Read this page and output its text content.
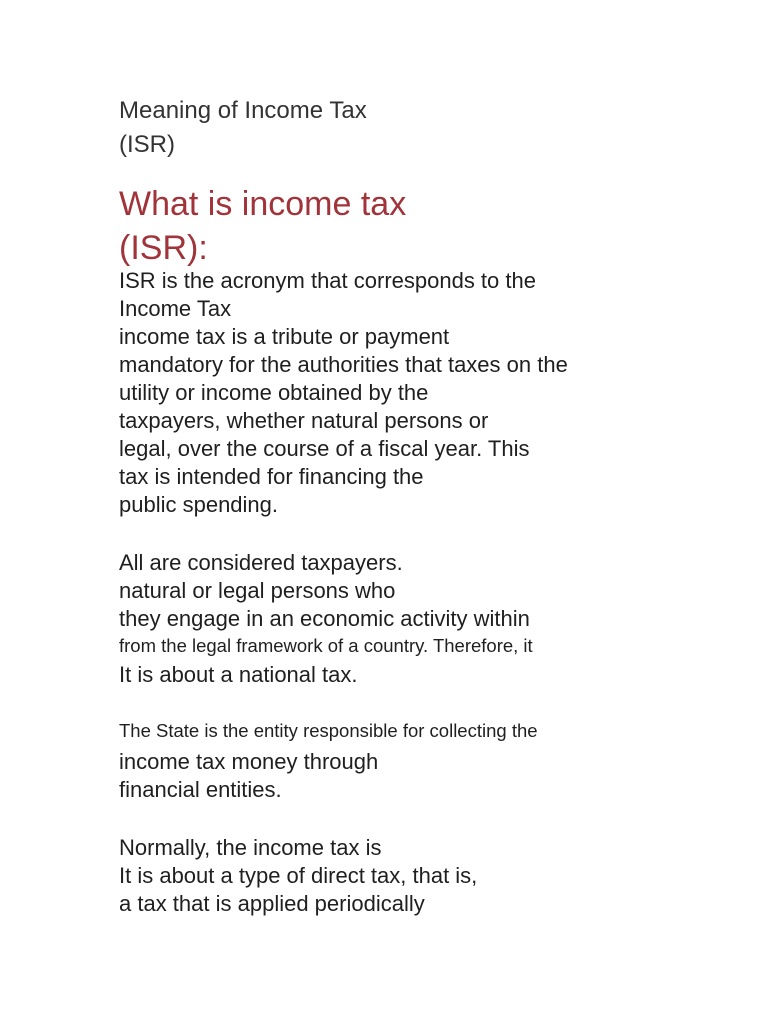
Meaning of Income Tax
(ISR)
What is income tax
(ISR):
ISR is the acronym that corresponds to the
Income Tax
income tax is a tribute or payment
mandatory for the authorities that taxes on the
utility or income obtained by the
taxpayers, whether natural persons or
legal, over the course of a fiscal year. This
tax is intended for financing the
public spending.
All are considered taxpayers.
natural or legal persons who
they engage in an economic activity within
from the legal framework of a country. Therefore, it
It is about a national tax.
The State is the entity responsible for collecting the
income tax money through
financial entities.
Normally, the income tax is
It is about a type of direct tax, that is,
a tax that is applied periodically
